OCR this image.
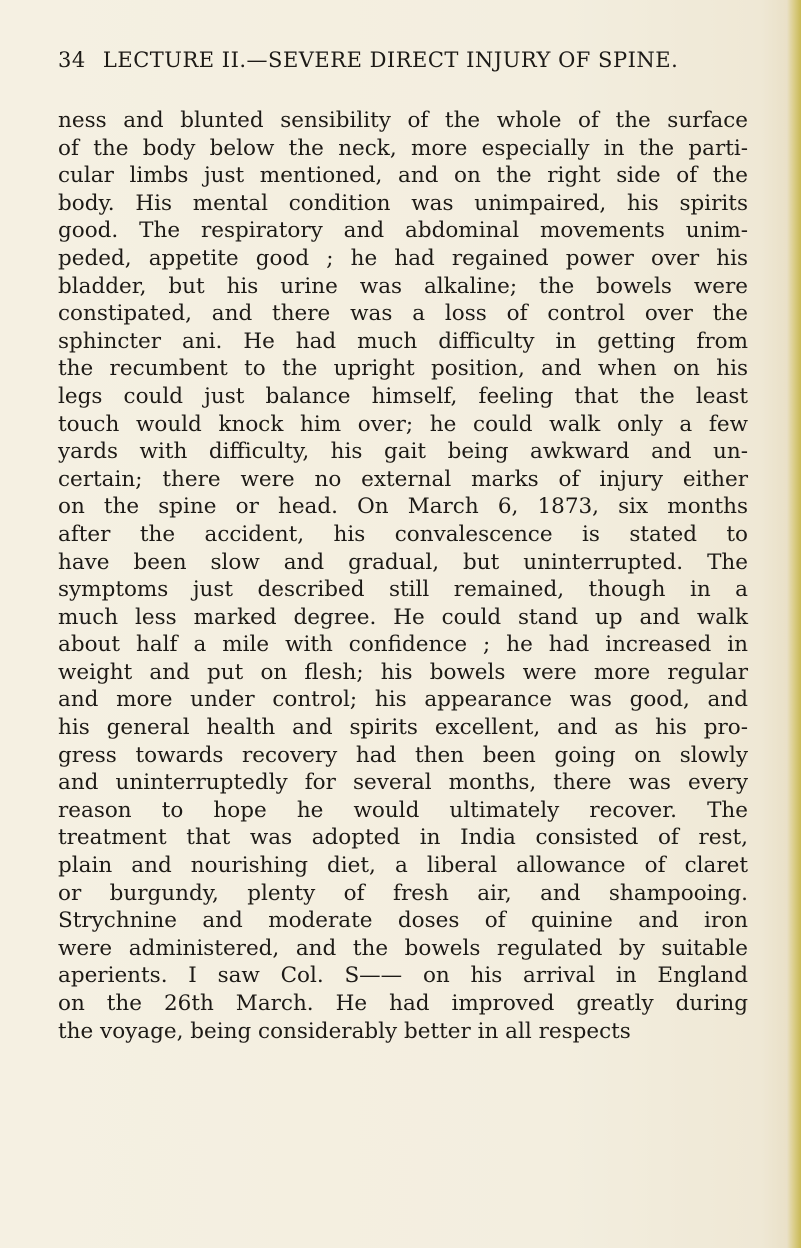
34 LECTURE II.—SEVERE DIRECT INJURY OF SPINE.
ness and blunted sensibility of the whole of the surface
of the body below the neck, more especially in the parti-
cular limbs just mentioned, and on the right side of the
body. His mental condition was unimpaired, his spirits
good. The respiratory and abdominal movements unim-
peded, appetite good ; he had regained power over his
bladder, but his urine was alkaline; the bowels were
constipated, and there was a loss of control over the
sphincter ani. He had much difficulty in getting from
the recumbent to the upright position, and when on his
legs could just balance himself, feeling that the least
touch would knock him over; he could walk only a few
yards with difficulty, his gait being awkward and un-
certain; there were no external marks of injury either
on the spine or head. On March 6, 1873, six months
after the accident, his convalescence is stated to
have been slow and gradual, but uninterrupted. The
symptoms just described still remained, though in a
much less marked degree. He could stand up and walk
about half a mile with confidence ; he had increased in
weight and put on flesh; his bowels were more regular
and more under control; his appearance was good, and
his general health and spirits excellent, and as his pro-
gress towards recovery had then been going on slowly
and uninterruptedly for several months, there was every
reason to hope he would ultimately recover. The
treatment that was adopted in India consisted of rest,
plain and nourishing diet, a liberal allowance of claret
or burgundy, plenty of fresh air, and shampooing.
Strychnine and moderate doses of quinine and iron
were administered, and the bowels regulated by suitable
aperients. I saw Col. S—— on his arrival in England
on the 26th March. He had improved greatly during
the voyage, being considerably better in all respects
